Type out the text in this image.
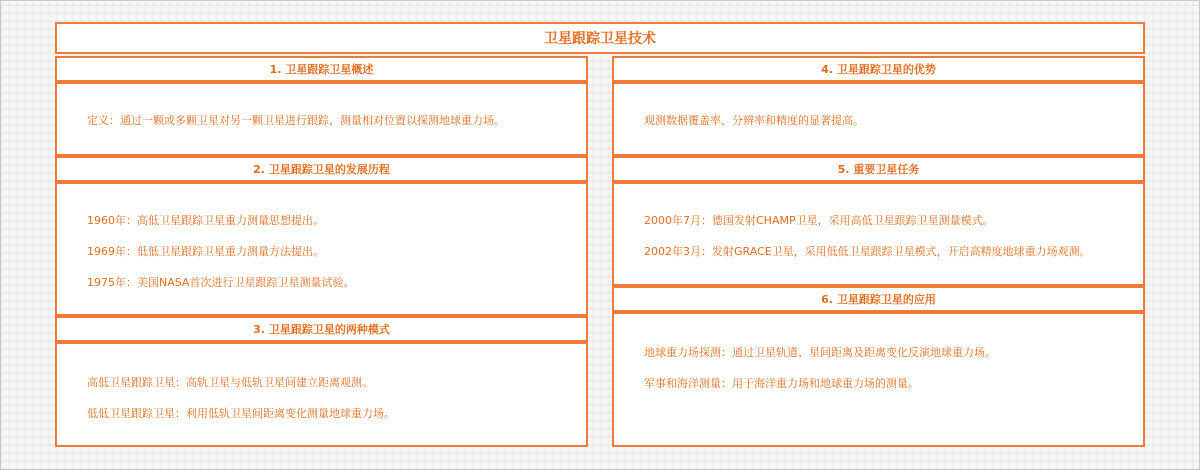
卫星跟踪卫星技术
1. 卫星跟踪卫星概述
定义：通过一颗或多颗卫星对另一颗卫星进行跟踪，测量相对位置以探测地球重力场。
2. 卫星跟踪卫星的发展历程
1960年：高低卫星跟踪卫星重力测量思想提出。
1969年：低低卫星跟踪卫星重力测量方法提出。
1975年：美国NASA首次进行卫星跟踪卫星测量试验。
3. 卫星跟踪卫星的两种模式
高低卫星跟踪卫星：高轨卫星与低轨卫星间建立距离观测。
低低卫星跟踪卫星：利用低轨卫星间距离变化测量地球重力场。
4. 卫星跟踪卫星的优势
观测数据覆盖率、分辨率和精度的显著提高。
5. 重要卫星任务
2000年7月：德国发射CHAMP卫星，采用高低卫星跟踪卫星测量模式。
2002年3月：发射GRACE卫星，采用低低卫星跟踪卫星模式，开启高精度地球重力场观测。
6. 卫星跟踪卫星的应用
地球重力场探测：通过卫星轨道、星间距离及距离变化反演地球重力场。
军事和海洋测量：用于海洋重力场和地球重力场的测量。
